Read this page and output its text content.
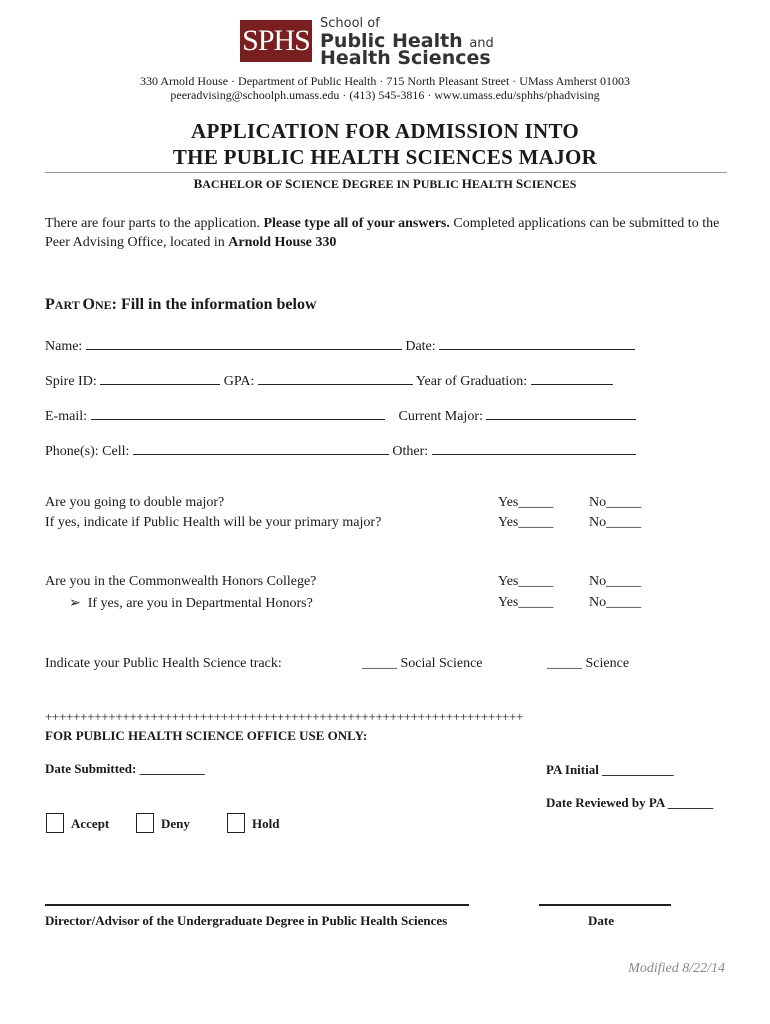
SPHS
School of
Public Health and
Health Sciences
330 Arnold House · Department of Public Health · 715 North Pleasant Street · UMass Amherst 01003
peeradvising@schoolph.umass.edu · (413) 545-3816 · www.umass.edu/sphhs/phadvising
APPLICATION FOR ADMISSION INTO
THE PUBLIC HEALTH SCIENCES MAJOR
BACHELOR OF SCIENCE DEGREE IN PUBLIC HEALTH SCIENCES
There are four parts to the application. Please type all of your answers. Completed applications can be submitted to the Peer Advising Office, located in Arnold House 330
PART ONE: Fill in the information below
Name:	Date:
Spire ID:	GPA:	Year of Graduation:
E-mail:	Current Major:
Phone(s): Cell:	Other:
Are you going to double major?	Yes_____	No_____
If yes, indicate if Public Health will be your primary major?	Yes_____	No_____
Are you in the Commonwealth Honors College?	Yes_____	No_____
➢ If yes, are you in Departmental Honors?	Yes_____	No_____
Indicate your Public Health Science track:	_____ Social Science	_____ Science
++++++++++++++++++++++++++++++++++++++++++++++++++++++++++++++++++++
FOR PUBLIC HEALTH SCIENCE OFFICE USE ONLY:
Date Submitted: __________	PA Initial ___________
Date Reviewed by PA _______
Accept	Deny	Hold
Director/Advisor of the Undergraduate Degree in Public Health Sciences	Date
Modified 8/22/14
